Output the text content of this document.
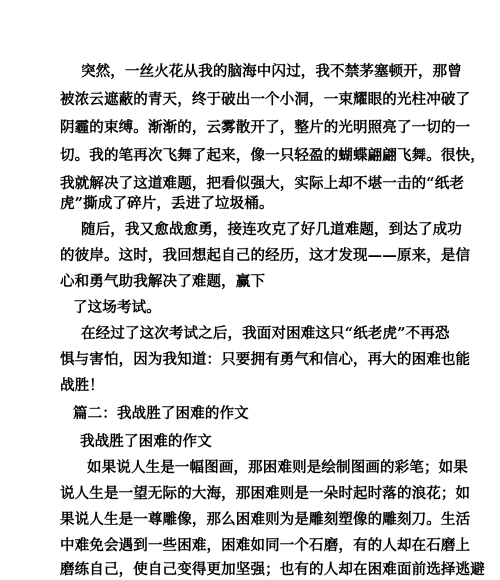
突然，一丝火花从我的脑海中闪过，我不禁茅塞顿开，那曾
被浓云遮蔽的青天，终于破出一个小洞，一束耀眼的光柱冲破了
阴霾的束缚。渐渐的，云雾散开了，整片的光明照亮了一切的一
切。我的笔再次飞舞了起来，像一只轻盈的蝴蝶翩翩飞舞。很快，
我就解决了这道难题，把看似强大，实际上却不堪一击的“纸老
虎”撕成了碎片，丢进了垃圾桶。
随后，我又愈战愈勇，接连攻克了好几道难题，到达了成功
的彼岸。这时，我回想起自己的经历，这才发现——原来，是信
心和勇气助我解决了难题，赢下
了这场考试。
在经过了这次考试之后，我面对困难这只“纸老虎”不再恐
惧与害怕，因为我知道：只要拥有勇气和信心，再大的困难也能
战胜！
篇二：我战胜了困难的作文
我战胜了困难的作文
如果说人生是一幅图画，那困难则是绘制图画的彩笔；如果
说人生是一望无际的大海，那困难则是一朵时起时落的浪花；如
果说人生是一尊雕像，那么困难则为是雕刻塑像的雕刻刀。生活
中难免会遇到一些困难，困难如同一个石磨，有的人却在石磨上
磨练自己，使自己变得更加坚强；也有的人却在困难面前选择逃避
